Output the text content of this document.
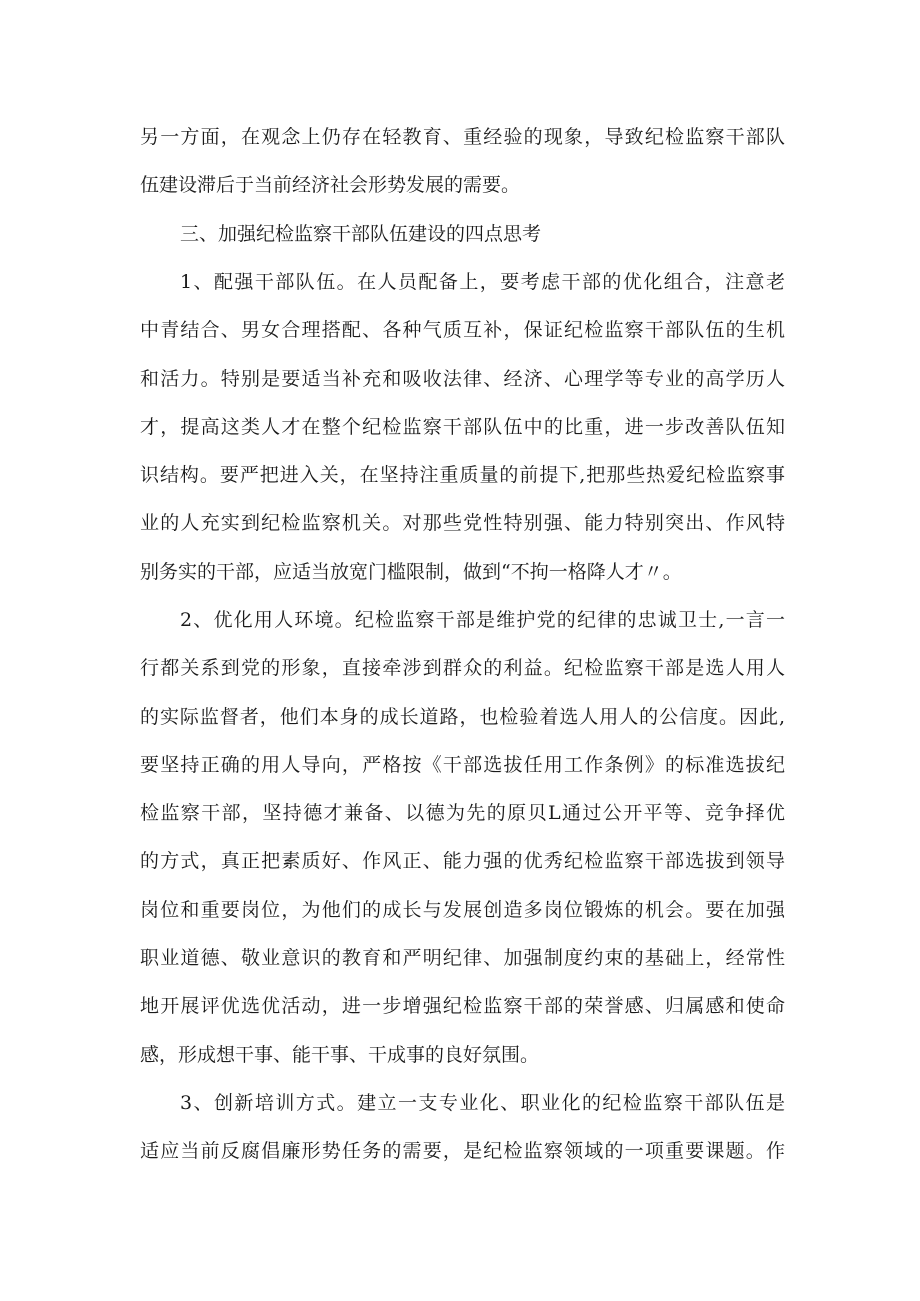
另一方面，在观念上仍存在轻教育、重经验的现象，导致纪检监察干部队

伍建设滞后于当前经济社会形势发展的需要。

三、加强纪检监察干部队伍建设的四点思考

1、配强干部队伍。在人员配备上，要考虑干部的优化组合，注意老

中青结合、男女合理搭配、各种气质互补，保证纪检监察干部队伍的生机

和活力。特别是要适当补充和吸收法律、经济、心理学等专业的高学历人

才，提高这类人才在整个纪检监察干部队伍中的比重，进一步改善队伍知

识结构。要严把进入关，在坚持注重质量的前提下,把那些热爱纪检监察事

业的人充实到纪检监察机关。对那些党性特别强、能力特别突出、作风特

别务实的干部，应适当放宽门槛限制，做到“不拘一格降人才〃。

2、优化用人环境。纪检监察干部是维护党的纪律的忠诚卫士,一言一

行都关系到党的形象，直接牵涉到群众的利益。纪检监察干部是选人用人

的实际监督者，他们本身的成长道路，也检验着选人用人的公信度。因此,

要坚持正确的用人导向，严格按《干部选拔任用工作条例》的标准选拔纪

检监察干部，坚持德才兼备、以德为先的原贝L通过公开平等、竞争择优

的方式，真正把素质好、作风正、能力强的优秀纪检监察干部选拔到领导

岗位和重要岗位，为他们的成长与发展创造多岗位锻炼的机会。要在加强

职业道德、敬业意识的教育和严明纪律、加强制度约束的基础上，经常性

地开展评优选优活动，进一步增强纪检监察干部的荣誉感、归属感和使命

感，形成想干事、能干事、干成事的良好氛围。

3、创新培训方式。建立一支专业化、职业化的纪检监察干部队伍是

适应当前反腐倡廉形势任务的需要，是纪检监察领域的一项重要课题。作
